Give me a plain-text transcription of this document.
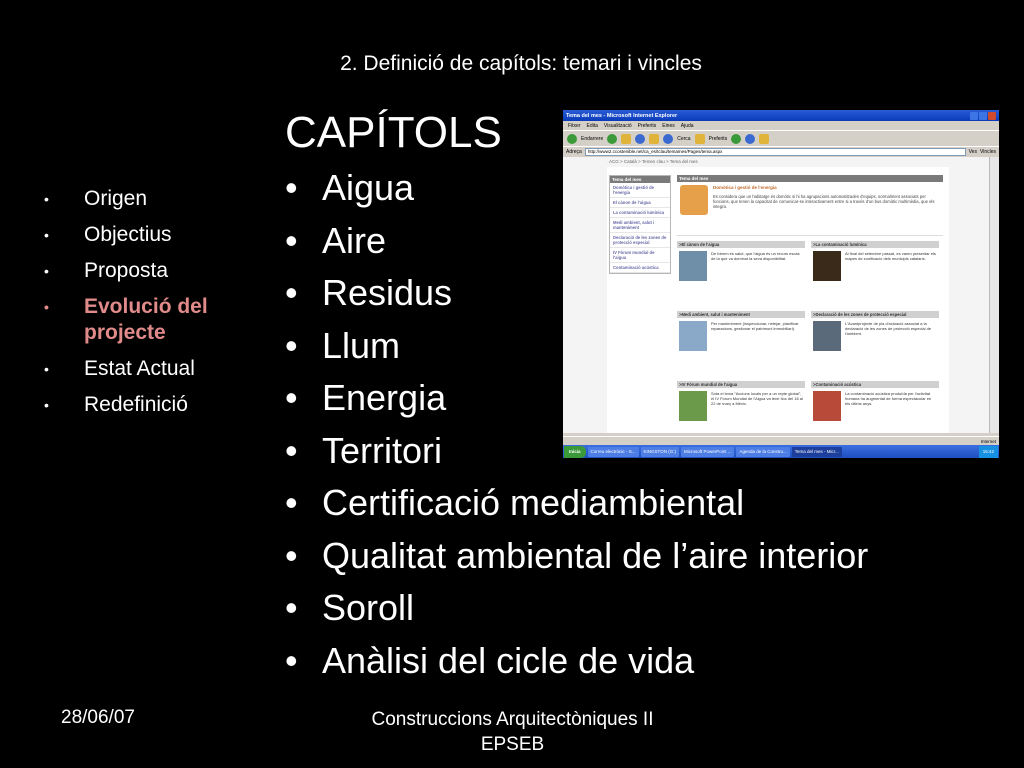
2. Definició de capítols: temari i vincles
•	Origen
•	Objectius
•	Proposta
•	Evolució del projecte
•	Estat Actual
•	Redefinició
CAPÍTOLS
• Aigua
• Aire
• Residus
• Llum
• Energia
• Territori
• Certificació mediambiental
• Qualitat ambiental de l’aire interior
• Soroll
• Anàlisi del cicle de vida
Tema del mes - Microsoft Internet Explorer
Fitxer Edita Visualització Preferits Eines Ajuda
Endarrere	Cerca	Preferits
Adreça	http://www2.ccostenible.net/ca_es/tclau/temames/Pages/tema.aspx	Ves Vincles
ACG > Català > Temes clau > Tema del mes
Tema del mes
Domòtica i gestió de l'energia
El cànon de l'aigua
La contaminació lumínica
Medi ambient, salut i manteniment
Declaració de les zones de protecció especial
IV Fòrum mundial de l'aigua
Contaminació acústica
Tema del mes
Domòtica i gestió de l'energia
Es considera que un habitatge és domòtic si hi ha agrupacions automatitzades d'equips, normalment associats per funcions, que tenen la capacitat de comunicar-se interactivament entre si a través d'un bus domòtic multimèdia, que els integra.
>El cànon de l'aigua
De fotrem és salut, que l'aigua és un recurs escàs de la que va dominut la seva disponibilitat.
>La contaminació lumínica
Al final del setembre passat, es varen presentar els mapes de zonificació dels municipis catalans.
>Medi ambient, salut i manteniment
Per manteniment (inspeccionar, netejar, planificar reparacions, gestionar el patrimoni immobiliari).
>Declaració de les zones de protecció especial
L'Avantprojecte de pla d'actuació associat a la declaració de les zones de protecció especial de l'ambient.
>IV Fòrum mundial de l'aigua
Sota el lema "Accions locals per a un repte global", el IV Fòrum Mundial de l'Aigua va tenir lloc del 16 al 22 de març a Mèxic.
>Contaminació acústica
La contaminació acústica produïda per l'activitat humana ha augmentat de forma espectacular en els últims anys.
Internet
Inicia	Correu electrònic - S...	KINGSTON (G:)	Microsoft PowerPoint ...	Agenda de la Constru...	Tema del mes - Micr...	15:42
28/06/07	Construccions Arquitectòniques II
EPSEB
